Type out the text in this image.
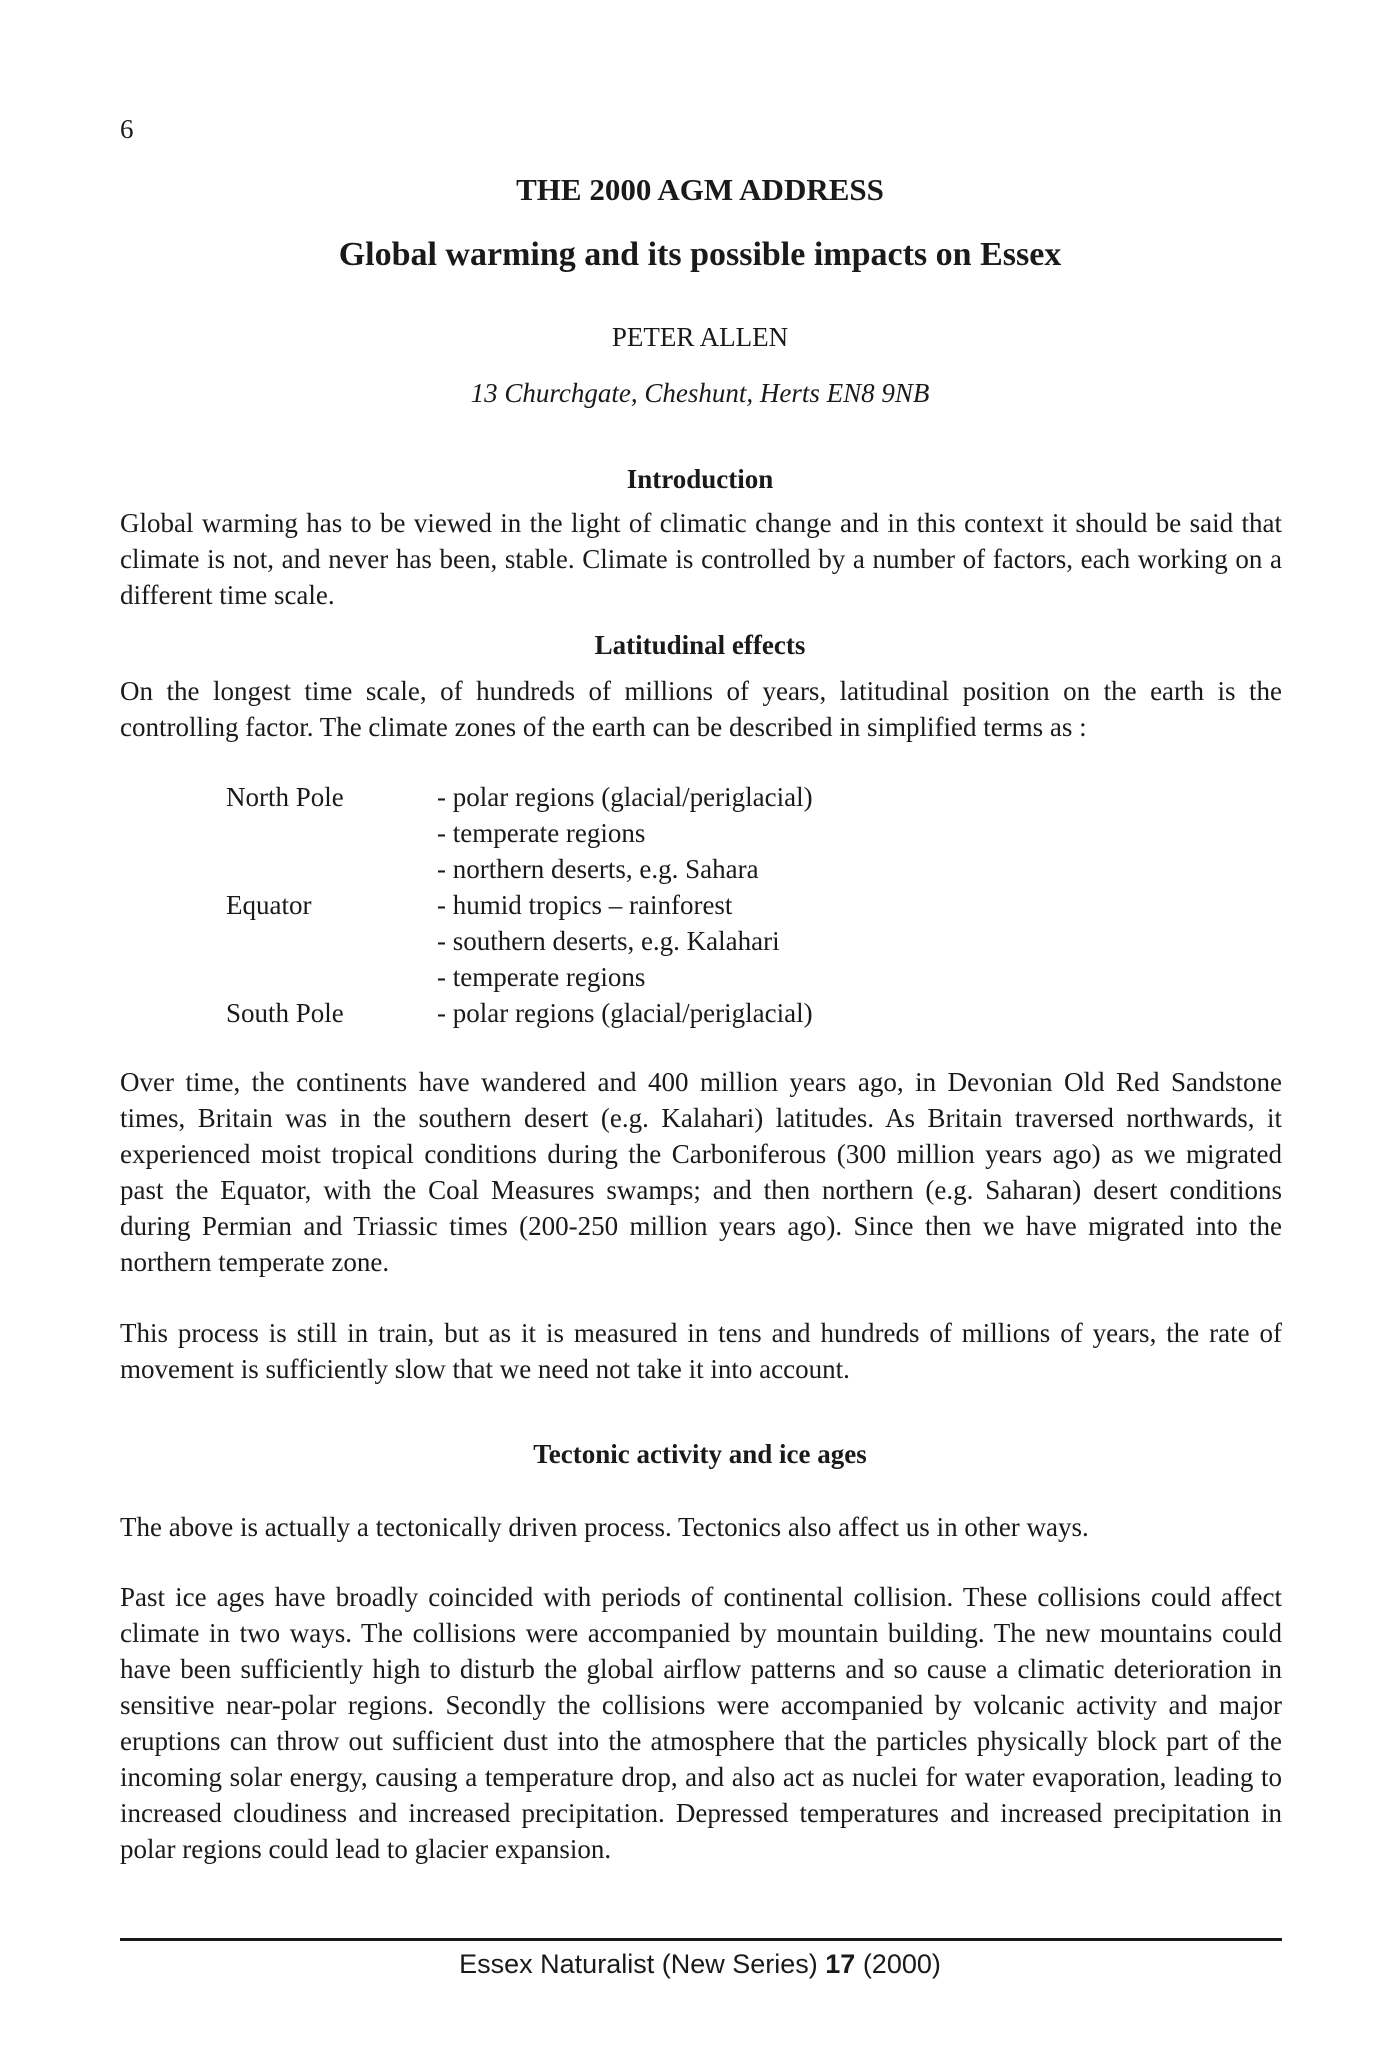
6
THE 2000 AGM ADDRESS
Global warming and its possible impacts on Essex
PETER ALLEN
13 Churchgate, Cheshunt, Herts EN8 9NB
Introduction

Global warming has to be viewed in the light of climatic change and in this context it should be said that climate is not, and never has been, stable. Climate is controlled by a number of factors, each working on a different time scale.

Latitudinal effects

On the longest time scale, of hundreds of millions of years, latitudinal position on the earth is the controlling factor. The climate zones of the earth can be described in simplified terms as :

North Pole	- polar regions (glacial/periglacial)
- temperate regions
- northern deserts, e.g. Sahara
Equator	- humid tropics – rainforest
- southern deserts, e.g. Kalahari
- temperate regions
South Pole	- polar regions (glacial/periglacial)

Over time, the continents have wandered and 400 million years ago, in Devonian Old Red Sandstone times, Britain was in the southern desert (e.g. Kalahari) latitudes. As Britain traversed northwards, it experienced moist tropical conditions during the Carboniferous (300 million years ago) as we migrated past the Equator, with the Coal Measures swamps; and then northern (e.g. Saharan) desert conditions during Permian and Triassic times (200-250 million years ago). Since then we have migrated into the northern temperate zone.

This process is still in train, but as it is measured in tens and hundreds of millions of years, the rate of movement is sufficiently slow that we need not take it into account.

Tectonic activity and ice ages

The above is actually a tectonically driven process. Tectonics also affect us in other ways.

Past ice ages have broadly coincided with periods of continental collision. These collisions could affect climate in two ways. The collisions were accompanied by mountain building. The new mountains could have been sufficiently high to disturb the global airflow patterns and so cause a climatic deterioration in sensitive near-polar regions. Secondly the collisions were accompanied by volcanic activity and major eruptions can throw out sufficient dust into the atmosphere that the particles physically block part of the incoming solar energy, causing a temperature drop, and also act as nuclei for water evaporation, leading to increased cloudiness and increased precipitation. Depressed temperatures and increased precipitation in polar regions could lead to glacier expansion.

Essex Naturalist (New Series) 17 (2000)
